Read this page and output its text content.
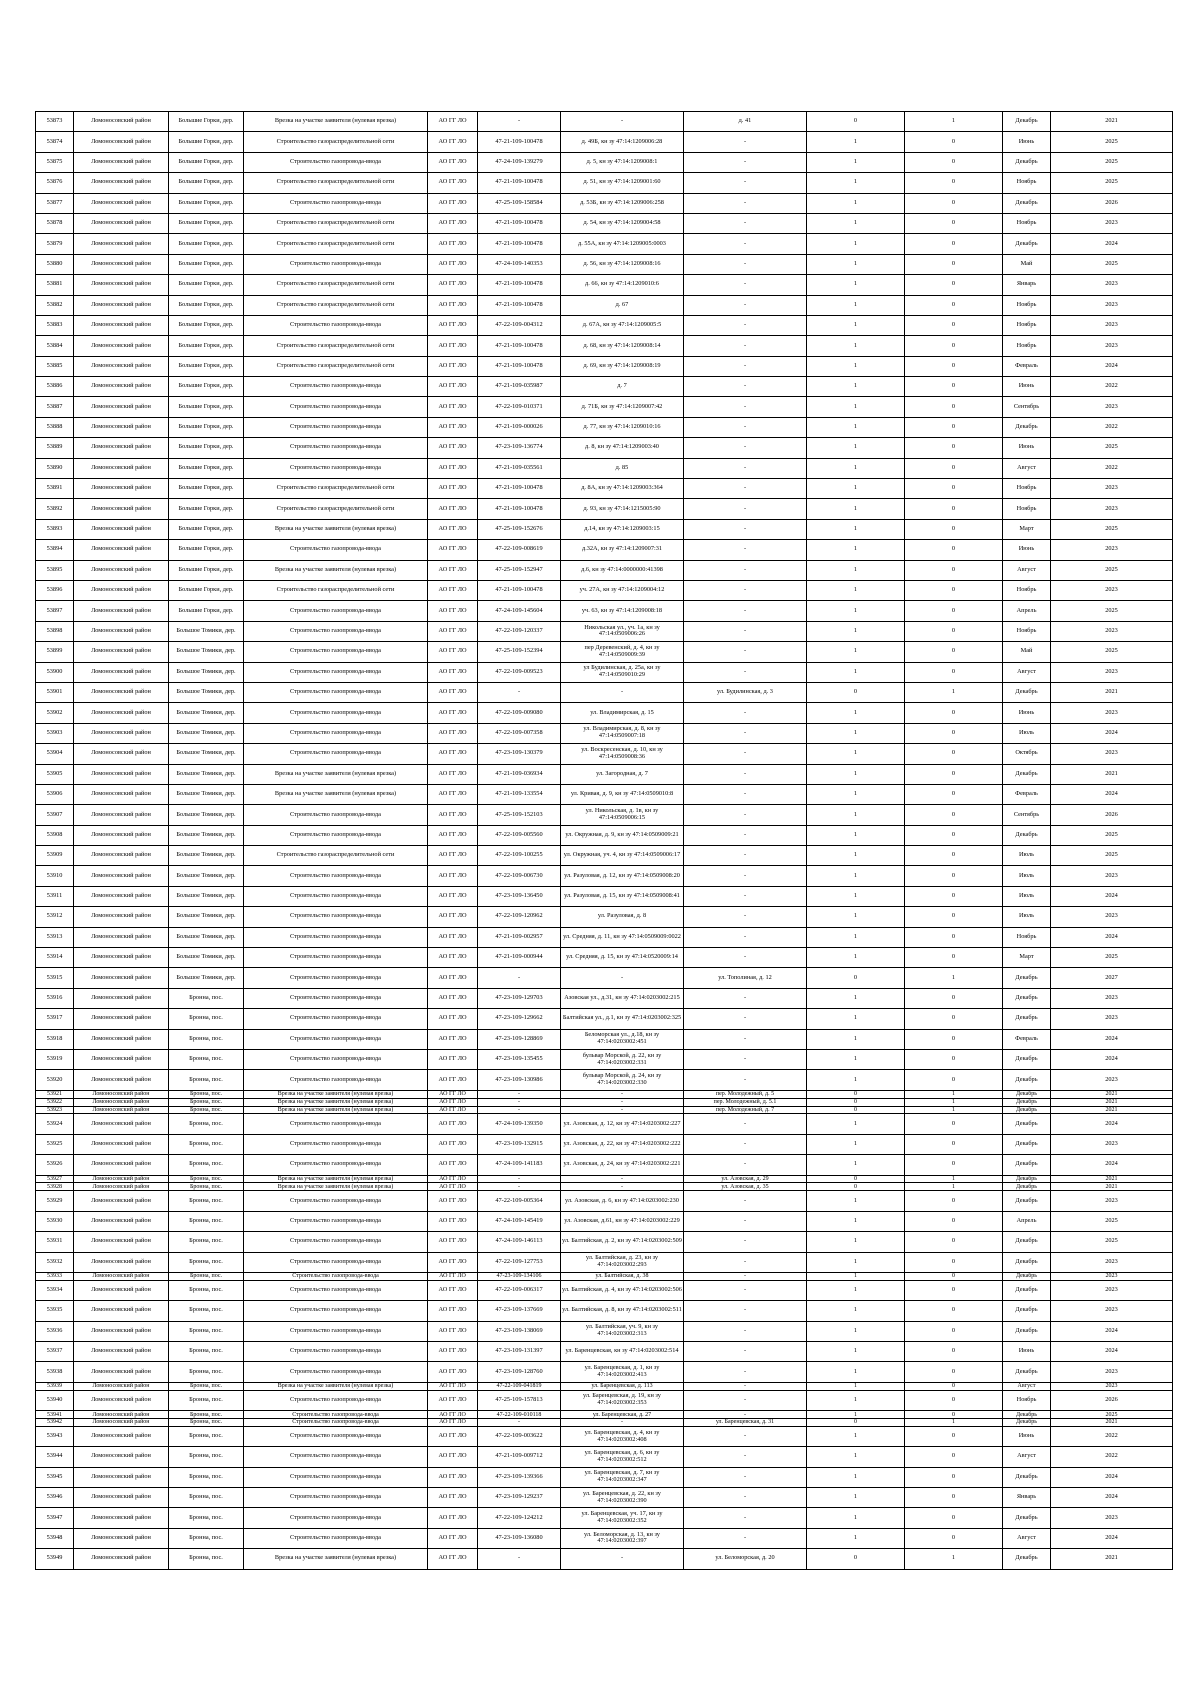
53873	Ломоносовский район	Большие Горки, дер.	Врезка на участке заявителя (нулевая врезка)	АО ГГ ЛО	-	-	д. 41	0	1	Декабрь	2021
53874	Ломоносовский район	Большие Горки, дер.	Строительство газораспределительной сети	АО ГГ ЛО	47-21-109-100478	д. 49Б, кн зу 47:14:1209006:28	-	1	0	Июнь	2025
53875	Ломоносовский район	Большие Горки, дер.	Строительство газопровода-ввода	АО ГГ ЛО	47-24-109-139279	д. 5, кн зу 47:14:1209008:1	-	1	0	Декабрь	2025
53876	Ломоносовский район	Большие Горки, дер.	Строительство газораспределительной сети	АО ГГ ЛО	47-21-109-100478	д. 51, кн зу 47:14:1209001:60	-	1	0	Ноябрь	2025
53877	Ломоносовский район	Большие Горки, дер.	Строительство газопровода-ввода	АО ГГ ЛО	47-25-109-158584	д. 53Б, кн зу 47:14:1209006:258	-	1	0	Декабрь	2026
53878	Ломоносовский район	Большие Горки, дер.	Строительство газораспределительной сети	АО ГГ ЛО	47-21-109-100478	д. 54, кн зу 47:14:1209004:58	-	1	0	Ноябрь	2023
53879	Ломоносовский район	Большие Горки, дер.	Строительство газораспределительной сети	АО ГГ ЛО	47-21-109-100478	д. 55А, кн зу 47:14:1209005:0003	-	1	0	Декабрь	2024
53880	Ломоносовский район	Большие Горки, дер.	Строительство газопровода-ввода	АО ГГ ЛО	47-24-109-140353	д. 56, кн зу 47:14:1209008:16	-	1	0	Май	2025
53881	Ломоносовский район	Большие Горки, дер.	Строительство газораспределительной сети	АО ГГ ЛО	47-21-109-100478	д. 66, кн зу 47:14:1209010:6	-	1	0	Январь	2023
53882	Ломоносовский район	Большие Горки, дер.	Строительство газораспределительной сети	АО ГГ ЛО	47-21-109-100478	д. 67	-	1	0	Ноябрь	2023
53883	Ломоносовский район	Большие Горки, дер.	Строительство газопровода-ввода	АО ГГ ЛО	47-22-109-004312	д. 67А, кн зу 47:14:1209005:5	-	1	0	Ноябрь	2023
53884	Ломоносовский район	Большие Горки, дер.	Строительство газораспределительной сети	АО ГГ ЛО	47-21-109-100478	д. 68, кн зу 47:14:1209008:14	-	1	0	Ноябрь	2023
53885	Ломоносовский район	Большие Горки, дер.	Строительство газораспределительной сети	АО ГГ ЛО	47-21-109-100478	д. 69, кн зу 47:14:1209008:19	-	1	0	Февраль	2024
53886	Ломоносовский район	Большие Горки, дер.	Строительство газопровода-ввода	АО ГГ ЛО	47-21-109-035987	д. 7	-	1	0	Июнь	2022
53887	Ломоносовский район	Большие Горки, дер.	Строительство газопровода-ввода	АО ГГ ЛО	47-22-109-010371	д. 71Б, кн зу 47:14:1209007:42	-	1	0	Сентябрь	2023
53888	Ломоносовский район	Большие Горки, дер.	Строительство газопровода-ввода	АО ГГ ЛО	47-21-109-000026	д. 77, кн зу 47:14:1209010:16	-	1	0	Декабрь	2022
53889	Ломоносовский район	Большие Горки, дер.	Строительство газопровода-ввода	АО ГГ ЛО	47-23-109-136774	д. 8, кн зу 47:14:1209003:40	-	1	0	Июнь	2025
53890	Ломоносовский район	Большие Горки, дер.	Строительство газопровода-ввода	АО ГГ ЛО	47-21-109-035561	д. 85	-	1	0	Август	2022
53891	Ломоносовский район	Большие Горки, дер.	Строительство газораспределительной сети	АО ГГ ЛО	47-21-109-100478	д. 8А, кн зу 47:14:1209003:364	-	1	0	Ноябрь	2023
53892	Ломоносовский район	Большие Горки, дер.	Строительство газораспределительной сети	АО ГГ ЛО	47-21-109-100478	д. 93, кн зу 47:14:1215005:90	-	1	0	Ноябрь	2023
53893	Ломоносовский район	Большие Горки, дер.	Врезка на участке заявителя (нулевая врезка)	АО ГГ ЛО	47-25-109-152676	д.14, кн зу 47:14:1209003:15	-	1	0	Март	2025
53894	Ломоносовский район	Большие Горки, дер.	Строительство газопровода-ввода	АО ГГ ЛО	47-22-109-008619	д.32А, кн зу 47:14:1209007:31	-	1	0	Июнь	2023
53895	Ломоносовский район	Большие Горки, дер.	Врезка на участке заявителя (нулевая врезка)	АО ГГ ЛО	47-25-109-152947	д.6, кн зу 47:14:0000000:41398	-	1	0	Август	2025
53896	Ломоносовский район	Большие Горки, дер.	Строительство газораспределительной сети	АО ГГ ЛО	47-21-109-100478	уч. 27А, кн зу 47:14:1209004:12	-	1	0	Ноябрь	2023
53897	Ломоносовский район	Большие Горки, дер.	Строительство газопровода-ввода	АО ГГ ЛО	47-24-109-145604	уч. 63, кн зу 47:14:1209008:18	-	1	0	Апрель	2025
53898	Ломоносовский район	Большое Томики, дер.	Строительство газопровода-ввода	АО ГГ ЛО	47-22-109-120337	Никольская ул., уч. 1а, кн зу 47:14:0509006:26	-	1	0	Ноябрь	2023
53899	Ломоносовский район	Большое Томики, дер.	Строительство газопровода-ввода	АО ГГ ЛО	47-25-109-152394	пер Деревенский, д. 4, кн зу 47:14:0509009:39	-	1	0	Май	2025
53900	Ломоносовский район	Большое Томики, дер.	Строительство газопровода-ввода	АО ГГ ЛО	47-22-109-009523	ул Будилинская, д. 25а, кн зу 47:14:0509010:29	-	1	0	Август	2023
53901	Ломоносовский район	Большое Томики, дер.	Строительство газопровода-ввода	АО ГГ ЛО	-	-	ул. Будилинская, д. 3	0	1	Декабрь	2021
53902	Ломоносовский район	Большое Томики, дер.	Строительство газопровода-ввода	АО ГГ ЛО	47-22-109-009080	ул. Владимирская, д. 15	-	1	0	Июнь	2023
53903	Ломоносовский район	Большое Томики, дер.	Строительство газопровода-ввода	АО ГГ ЛО	47-22-109-007358	ул. Владимирская, д. 8, кн зу 47:14:0509007:18	-	1	0	Июль	2024
53904	Ломоносовский район	Большое Томики, дер.	Строительство газопровода-ввода	АО ГГ ЛО	47-23-109-130379	ул. Воскресенская, д. 10, кн зу 47:14:0509008:36	-	1	0	Октябрь	2023
53905	Ломоносовский район	Большое Томики, дер.	Врезка на участке заявителя (нулевая врезка)	АО ГГ ЛО	47-21-109-036934	ул. Загородная, д. 7	-	1	0	Декабрь	2021
53906	Ломоносовский район	Большое Томики, дер.	Врезка на участке заявителя (нулевая врезка)	АО ГГ ЛО	47-21-109-133554	ул. Кривая, д. 9, кн зу 47:14:0509010:8	-	1	0	Февраль	2024
53907	Ломоносовский район	Большое Томики, дер.	Строительство газопровода-ввода	АО ГГ ЛО	47-25-109-152103	ул. Никольская, д. 1в, кн зу 47:14:0509006:15	-	1	0	Сентябрь	2026
53908	Ломоносовский район	Большое Томики, дер.	Строительство газопровода-ввода	АО ГГ ЛО	47-22-109-005560	ул. Окружная, д. 9, кн зу 47:14:0509009:21	-	1	0	Декабрь	2025
53909	Ломоносовский район	Большое Томики, дер.	Строительство газораспределительной сети	АО ГГ ЛО	47-22-109-100255	ул. Окружная, уч. 4, кн зу 47:14:0509006:17	-	1	0	Июль	2025
53910	Ломоносовский район	Большое Томики, дер.	Строительство газопровода-ввода	АО ГГ ЛО	47-22-109-006730	ул. Разуловая, д. 12, кн зу 47:14:0509008:20	-	1	0	Июль	2023
53911	Ломоносовский район	Большое Томики, дер.	Строительство газопровода-ввода	АО ГГ ЛО	47-23-109-136450	ул. Разуловая, д. 15, кн зу 47:14:0509008:41	-	1	0	Июль	2024
53912	Ломоносовский район	Большое Томики, дер.	Строительство газопровода-ввода	АО ГГ ЛО	47-22-109-120962	ул. Разуловая, д. 8	-	1	0	Июль	2023
53913	Ломоносовский район	Большое Томики, дер.	Строительство газопровода-ввода	АО ГГ ЛО	47-21-109-002957	ул. Средняя, д. 11, кн зу 47:14:0509009:0022	-	1	0	Ноябрь	2024
53914	Ломоносовский район	Большое Томики, дер.	Строительство газопровода-ввода	АО ГГ ЛО	47-21-109-000944	ул. Средняя, д. 15, кн зу 47:14:0520009:14	-	1	0	Март	2025
53915	Ломоносовский район	Большое Томики, дер.	Строительство газопровода-ввода	АО ГГ ЛО	-	-	ул. Тополиная, д. 12	0	1	Декабрь	2027
53916	Ломоносовский район	Бронна, пос.	Строительство газопровода-ввода	АО ГГ ЛО	47-23-109-129703	Азовская ул., д.31, кн зу 47:14:0203002:215	-	1	0	Декабрь	2023
53917	Ломоносовский район	Бронна, пос.	Строительство газопровода-ввода	АО ГГ ЛО	47-23-109-129662	Балтийская ул., д.1, кн зу 47:14:0203002:325	-	1	0	Декабрь	2023
53918	Ломоносовский район	Бронна, пос.	Строительство газопровода-ввода	АО ГГ ЛО	47-23-109-128869	Беломорская ул., д.18, кн зу 47:14:0203002:451	-	1	0	Февраль	2024
53919	Ломоносовский район	Бронна, пос.	Строительство газопровода-ввода	АО ГГ ЛО	47-23-109-135455	бульвар Морской, д. 22, кн зу 47:14:0203002:331	-	1	0	Декабрь	2024
53920	Ломоносовский район	Бронна, пос.	Строительство газопровода-ввода	АО ГГ ЛО	47-23-109-130986	бульвар Морской, д. 24, кн зу 47:14:0203002:330	-	1	0	Декабрь	2023
53921	Ломоносовский район	Бронна, пос.	Врезка на участке заявителя (нулевая врезка)	АО ГГ ЛО	-	-	пер. Молодежный, д. 5	0	1	Декабрь	2021
53922	Ломоносовский район	Бронна, пос.	Врезка на участке заявителя (нулевая врезка)	АО ГГ ЛО	-	-	пер. Молодежный, д. 5.1	0	1	Декабрь	2021
53923	Ломоносовский район	Бронна, пос.	Врезка на участке заявителя (нулевая врезка)	АО ГГ ЛО	-	-	пер. Молодежный, д. 7	0	1	Декабрь	2021
53924	Ломоносовский район	Бронна, пос.	Строительство газопровода-ввода	АО ГГ ЛО	47-24-109-139350	ул. Азовская, д. 12, кн зу 47:14:0203002:227	-	1	0	Декабрь	2024
53925	Ломоносовский район	Бронна, пос.	Строительство газопровода-ввода	АО ГГ ЛО	47-23-109-132915	ул. Азовская, д. 22, кн зу 47:14:0203002:222	-	1	0	Декабрь	2023
53926	Ломоносовский район	Бронна, пос.	Строительство газопровода-ввода	АО ГГ ЛО	47-24-109-141183	ул. Азовская, д. 24, кн зу 47:14:0203002:221	-	1	0	Декабрь	2024
53927	Ломоносовский район	Бронна, пос.	Врезка на участке заявителя (нулевая врезка)	АО ГГ ЛО	-	-	ул. Азовская, д. 29	0	1	Декабрь	2021
53928	Ломоносовский район	Бронна, пос.	Врезка на участке заявителя (нулевая врезка)	АО ГГ ЛО	-	-	ул. Азовская, д. 35	0	1	Декабрь	2021
53929	Ломоносовский район	Бронна, пос.	Строительство газопровода-ввода	АО ГГ ЛО	47-22-109-005364	ул. Азовская, д. 6, кн зу 47:14:0203002:230	-	1	0	Декабрь	2023
53930	Ломоносовский район	Бронна, пос.	Строительство газопровода-ввода	АО ГГ ЛО	47-24-109-145419	ул. Азовская, д.61, кн зу 47:14:0203002:229	-	1	0	Апрель	2025
53931	Ломоносовский район	Бронна, пос.	Строительство газопровода-ввода	АО ГГ ЛО	47-24-109-146113	ул. Балтийская, д. 2, кн зу 47:14:0203002:509	-	1	0	Декабрь	2025
53932	Ломоносовский район	Бронна, пос.	Строительство газопровода-ввода	АО ГГ ЛО	47-22-109-127753	ул. Балтийская, д. 23, кн зу 47:14:0203002:293	-	1	0	Декабрь	2023
53933	Ломоносовский район	Бронна, пос.	Строительство газопровода-ввода	АО ГГ ЛО	47-23-109-134106	ул. Балтийская, д. 38	-	1	0	Декабрь	2023
53934	Ломоносовский район	Бронна, пос.	Строительство газопровода-ввода	АО ГГ ЛО	47-22-109-006317	ул. Балтийская, д. 4, кн зу 47:14:0203002:506	-	1	0	Декабрь	2023
53935	Ломоносовский район	Бронна, пос.	Строительство газопровода-ввода	АО ГГ ЛО	47-23-109-137669	ул. Балтийская, д. 8, кн зу 47:14:0203002:511	-	1	0	Декабрь	2023
53936	Ломоносовский район	Бронна, пос.	Строительство газопровода-ввода	АО ГГ ЛО	47-23-109-138069	ул. Балтийская, уч. 9, кн зу 47:14:0203002:313	-	1	0	Декабрь	2024
53937	Ломоносовский район	Бронна, пос.	Строительство газопровода-ввода	АО ГГ ЛО	47-23-109-131397	ул. Баренцевская, кн зу 47:14:0203002:514	-	1	0	Июнь	2024
53938	Ломоносовский район	Бронна, пос.	Строительство газопровода-ввода	АО ГГ ЛО	47-23-109-128760	ул. Баренцевская, д. 1, кн зу 47:14:0203002:413	-	1	0	Декабрь	2023
53939	Ломоносовский район	Бронна, пос.	Врезка на участке заявителя (нулевая врезка)	АО ГГ ЛО	47-22-109-041819	ул. Баренцевская, д. 113	-	1	0	Август	2023
53940	Ломоносовский район	Бронна, пос.	Строительство газопровода-ввода	АО ГГ ЛО	47-25-109-157813	ул. Баренцевская, д. 19, кн зу 47:14:0203002:353	-	1	0	Ноябрь	2026
53941	Ломоносовский район	Бронна, пос.	Строительство газопровода-ввода	АО ГГ ЛО	47-22-109-010118	ул. Баренцевская, д. 27	-	1	0	Декабрь	2025
53942	Ломоносовский район	Бронна, пос.	Строительство газопровода-ввода	АО ГГ ЛО	-	-	ул. Баренцевская, д. 31	0	1	Декабрь	2021
53943	Ломоносовский район	Бронна, пос.	Строительство газопровода-ввода	АО ГГ ЛО	47-22-109-003622	ул. Баренцевская, д. 4, кн зу 47:14:0203002:408	-	1	0	Июнь	2022
53944	Ломоносовский район	Бронна, пос.	Строительство газопровода-ввода	АО ГГ ЛО	47-21-109-009712	ул. Баренцевская, д. 6, кн зу 47:14:0203002:512	-	1	0	Август	2022
53945	Ломоносовский район	Бронна, пос.	Строительство газопровода-ввода	АО ГГ ЛО	47-23-109-139366	ул. Баренцевская, д. 7, кн зу 47:14:0203002:347	-	1	0	Декабрь	2024
53946	Ломоносовский район	Бронна, пос.	Строительство газопровода-ввода	АО ГГ ЛО	47-23-109-129237	ул. Баренцевская, д. 22, кн зу 47:14:0203002:390	-	1	0	Январь	2024
53947	Ломоносовский район	Бронна, пос.	Строительство газопровода-ввода	АО ГГ ЛО	47-22-109-124212	ул. Баренцевская, уч. 17, кн зу 47:14:0203002:352	-	1	0	Декабрь	2023
53948	Ломоносовский район	Бронна, пос.	Строительство газопровода-ввода	АО ГГ ЛО	47-23-109-136080	ул. Беломорская, д. 13, кн зу 47:14:0203002:397	-	1	0	Август	2024
53949	Ломоносовский район	Бронна, пос.	Врезка на участке заявителя (нулевая врезка)	АО ГГ ЛО	-	-	ул. Беломорская, д. 20	0	1	Декабрь	2021
